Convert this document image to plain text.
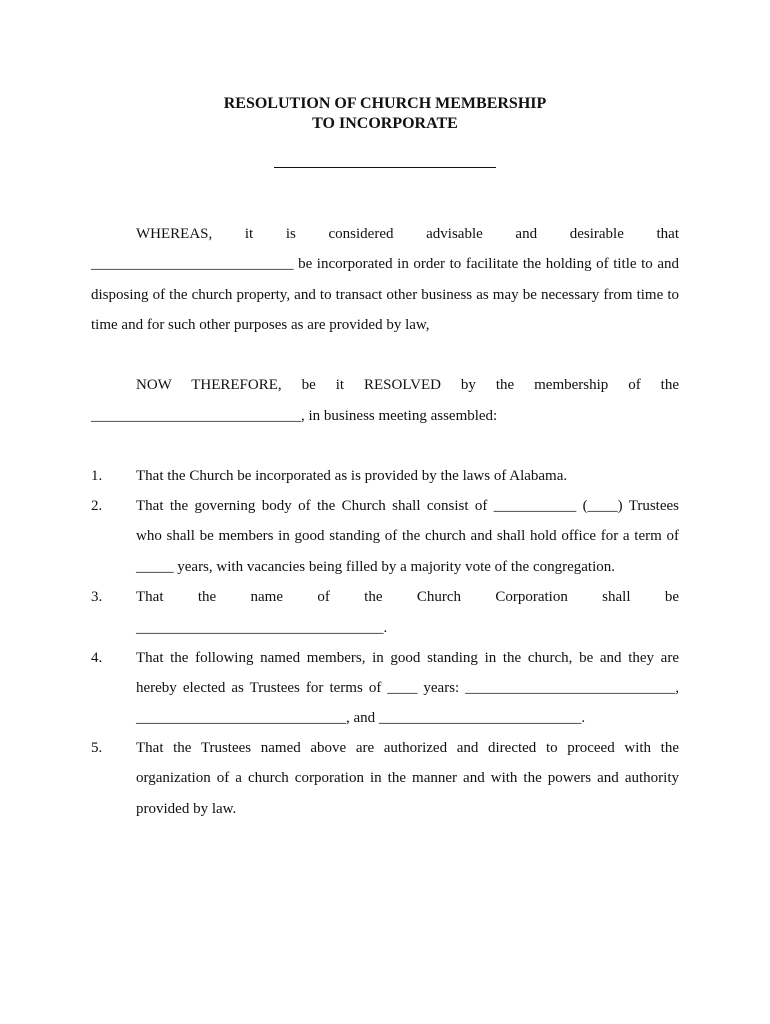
RESOLUTION OF CHURCH MEMBERSHIP
TO INCORPORATE
WHEREAS, it is considered advisable and desirable that
___________________________ be incorporated in order to facilitate the holding of title to and
disposing of the church property, and to transact other business as may be necessary from time to
time and for such other purposes as are provided by law,
NOW THEREFORE, be it RESOLVED by the membership of the
____________________________, in business meeting assembled:
1. That the Church be incorporated as is provided by the laws of Alabama.
2. That the governing body of the Church shall consist of ___________ (____) Trustees
who shall be members in good standing of the church and shall hold office for a term of
_____ years, with vacancies being filled by a majority vote of the congregation.
3. That the name of the Church Corporation shall be
_________________________________.
4. That the following named members, in good standing in the church, be and they are
hereby elected as Trustees for terms of ____ years: ____________________________,
____________________________, and ___________________________.
5. That the Trustees named above are authorized and directed to proceed with the
organization of a church corporation in the manner and with the powers and authority
provided by law.
